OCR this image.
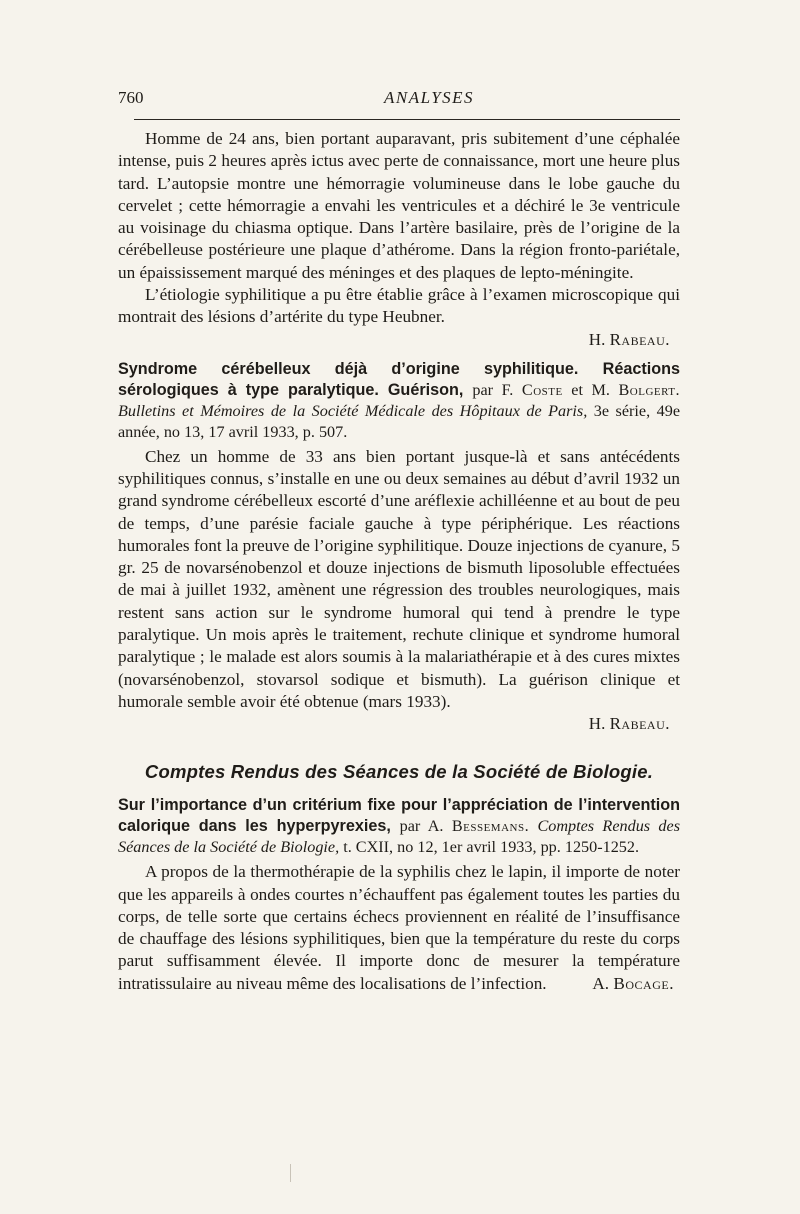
760	ANALYSES

Homme de 24 ans, bien portant auparavant, pris subitement d’une céphalée intense, puis 2 heures après ictus avec perte de connaissance, mort une heure plus tard. L’autopsie montre une hémorragie volumineuse dans le lobe gauche du cervelet ; cette hémorragie a envahi les ventricules et a déchiré le 3e ventricule au voisinage du chiasma optique. Dans l’artère basilaire, près de l’origine de la cérébelleuse postérieure une plaque d’athérome. Dans la région fronto-pariétale, un épaississement marqué des méninges et des plaques de lepto-méningite.

L’étiologie syphilitique a pu être établie grâce à l’examen microscopique qui montrait des lésions d’artérite du type Heubner.

H. Rabeau.
Syndrome cérébelleux déjà d’origine syphilitique. Réactions sérologiques à type paralytique. Guérison, par F. Coste et M. Bolgert. Bulletins et Mémoires de la Société Médicale des Hôpitaux de Paris, 3e série, 49e année, no 13, 17 avril 1933, p. 507.

Chez un homme de 33 ans bien portant jusque-là et sans antécédents syphilitiques connus, s’installe en une ou deux semaines au début d’avril 1932 un grand syndrome cérébelleux escorté d’une aréflexie achilléenne et au bout de peu de temps, d’une parésie faciale gauche à type périphérique. Les réactions humorales font la preuve de l’origine syphilitique. Douze injections de cyanure, 5 gr. 25 de novarsénobenzol et douze injections de bismuth liposoluble effectuées de mai à juillet 1932, amènent une régression des troubles neurologiques, mais restent sans action sur le syndrome humoral qui tend à prendre le type paralytique. Un mois après le traitement, rechute clinique et syndrome humoral paralytique ; le malade est alors soumis à la malariathérapie et à des cures mixtes (novarsénobenzol, stovarsol sodique et bismuth). La guérison clinique et humorale semble avoir été obtenue (mars 1933).

H. Rabeau.
Comptes Rendus des Séances de la Société de Biologie.
Sur l’importance d’un critérium fixe pour l’appréciation de l’intervention calorique dans les hyperpyrexies, par A. Bessemans. Comptes Rendus des Séances de la Société de Biologie, t. CXII, no 12, 1er avril 1933, pp. 1250-1252.

A propos de la thermothérapie de la syphilis chez le lapin, il importe de noter que les appareils à ondes courtes n’échauffent pas également toutes les parties du corps, de telle sorte que certains échecs proviennent en réalité de l’insuffisance de chauffage des lésions syphilitiques, bien que la température du reste du corps parut suffisamment élevée. Il importe donc de mesurer la température intratissulaire au niveau même des localisations de l’infection.	A. Bocage.
